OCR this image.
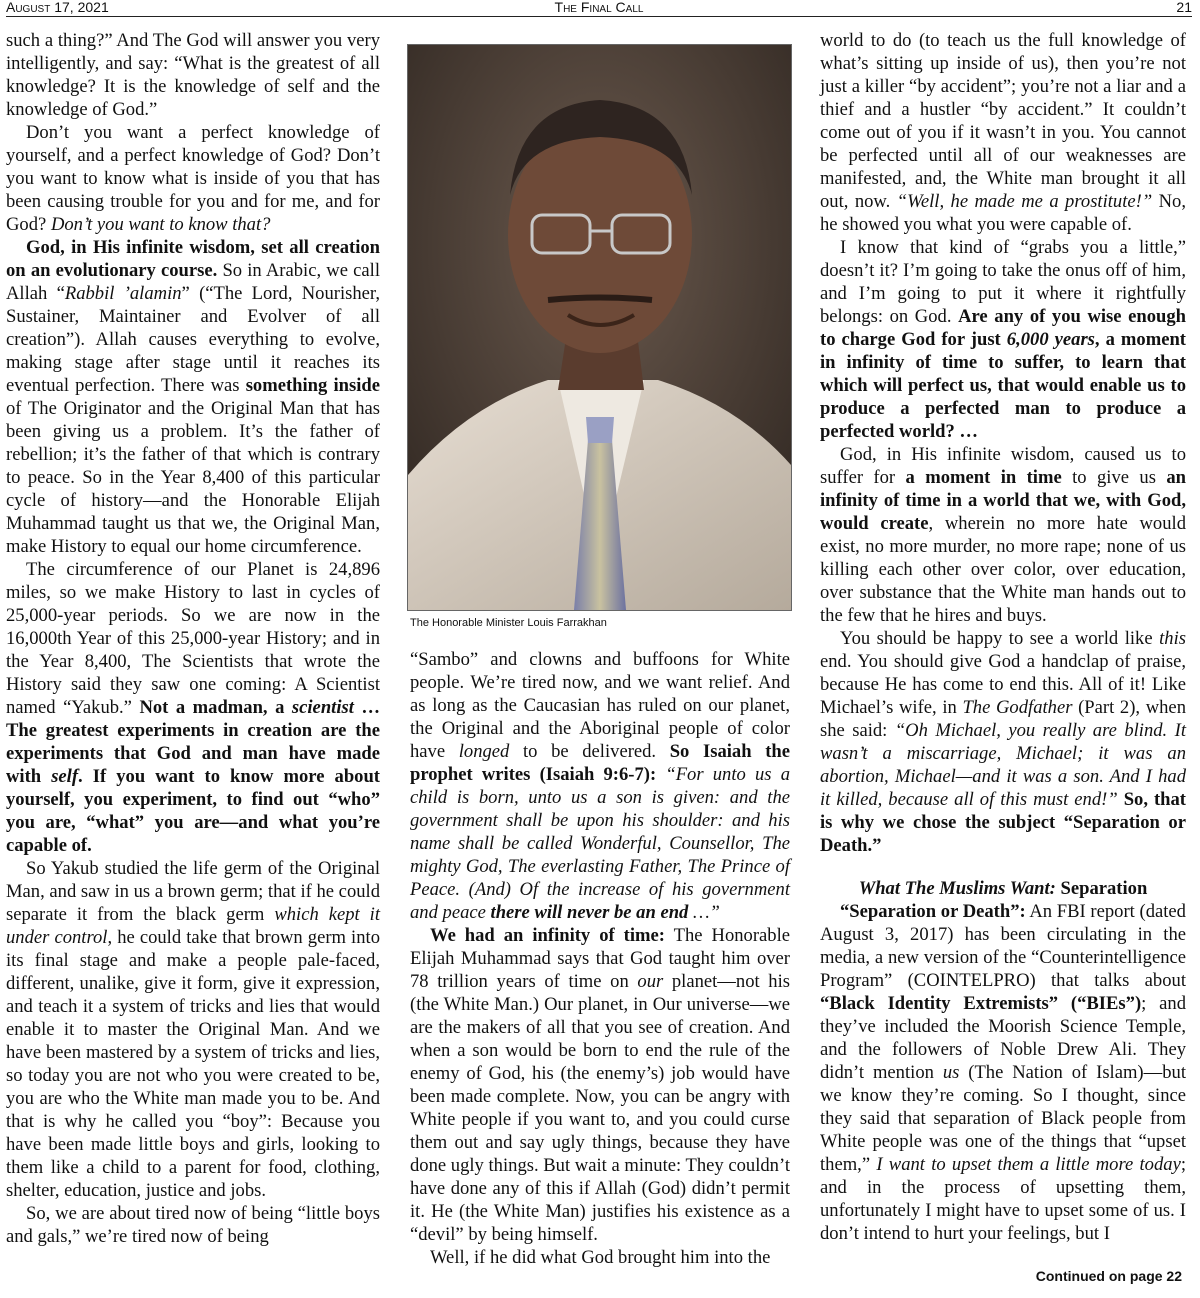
August 17, 2021	The Final Call	21

such a thing?” And The God will answer you very intelligently, and say: “What is the greatest of all knowledge? It is the knowledge of self and the knowledge of God.”

Don’t you want a perfect knowledge of yourself, and a perfect knowledge of God? Don’t you want to know what is inside of you that has been causing trouble for you and for me, and for God? Don’t you want to know that?

God, in His infinite wisdom, set all creation on an evolutionary course. So in Arabic, we call Allah “Rabbil ’alamin” (“The Lord, Nourisher, Sustainer, Maintainer and Evolver of all creation”). Allah causes everything to evolve, making stage after stage until it reaches its eventual perfection. There was something inside of The Originator and the Original Man that has been giving us a problem. It’s the father of rebellion; it’s the father of that which is contrary to peace. So in the Year 8,400 of this particular cycle of history—and the Honorable Elijah Muhammad taught us that we, the Original Man, make History to equal our home circumference.

The circumference of our Planet is 24,896 miles, so we make History to last in cycles of 25,000-year periods. So we are now in the 16,000th Year of this 25,000-year History; and in the Year 8,400, The Scientists that wrote the History said they saw one coming: A Scientist named “Yakub.” Not a madman, a scientist … The greatest experiments in creation are the experiments that God and man have made with self. If you want to know more about yourself, you experiment, to find out “who” you are, “what” you are—and what you’re capable of.

So Yakub studied the life germ of the Original Man, and saw in us a brown germ; that if he could separate it from the black germ which kept it under control, he could take that brown germ into its final stage and make a people pale-faced, different, unalike, give it form, give it expression, and teach it a system of tricks and lies that would enable it to master the Original Man. And we have been mastered by a system of tricks and lies, so today you are not who you were created to be, you are who the White man made you to be. And that is why he called you “boy”: Because you have been made little boys and girls, looking to them like a child to a parent for food, clothing, shelter, education, justice and jobs.

So, we are about tired now of being “little boys and gals,” we’re tired now of being

The Honorable Minister Louis Farrakhan

“Sambo” and clowns and buffoons for White people. We’re tired now, and we want relief. And as long as the Caucasian has ruled on our planet, the Original and the Aboriginal people of color have longed to be delivered. So Isaiah the prophet writes (Isaiah 9:6-7): “For unto us a child is born, unto us a son is given: and the government shall be upon his shoulder: and his name shall be called Wonderful, Counsellor, The mighty God, The everlasting Father, The Prince of Peace. (And) Of the increase of his government and peace there will never be an end …”

We had an infinity of time: The Honorable Elijah Muhammad says that God taught him over 78 trillion years of time on our planet—not his (the White Man.) Our planet, in Our universe—we are the makers of all that you see of creation. And when a son would be born to end the rule of the enemy of God, his (the enemy’s) job would have been made complete. Now, you can be angry with White people if you want to, and you could curse them out and say ugly things, because they have done ugly things. But wait a minute: They couldn’t have done any of this if Allah (God) didn’t permit it. He (the White Man) justifies his existence as a “devil” by being himself.

Well, if he did what God brought him into the

world to do (to teach us the full knowledge of what’s sitting up inside of us), then you’re not just a killer “by accident”; you’re not a liar and a thief and a hustler “by accident.” It couldn’t come out of you if it wasn’t in you. You cannot be perfected until all of our weaknesses are manifested, and, the White man brought it all out, now. “Well, he made me a prostitute!” No, he showed you what you were capable of.

I know that kind of “grabs you a little,” doesn’t it? I’m going to take the onus off of him, and I’m going to put it where it rightfully belongs: on God. Are any of you wise enough to charge God for just 6,000 years, a moment in infinity of time to suffer, to learn that which will perfect us, that would enable us to produce a perfected man to produce a perfected world? …

God, in His infinite wisdom, caused us to suffer for a moment in time to give us an infinity of time in a world that we, with God, would create, wherein no more hate would exist, no more murder, no more rape; none of us killing each other over color, over education, over substance that the White man hands out to the few that he hires and buys.

You should be happy to see a world like this end. You should give God a handclap of praise, because He has come to end this. All of it! Like Michael’s wife, in The Godfather (Part 2), when she said: “Oh Michael, you really are blind. It wasn’t a miscarriage, Michael; it was an abortion, Michael—and it was a son. And I had it killed, because all of this must end!” So, that is why we chose the subject “Separation or Death.”

What The Muslims Want: Separation

“Separation or Death”: An FBI report (dated August 3, 2017) has been circulating in the media, a new version of the “Counterintelligence Program” (COINTELPRO) that talks about “Black Identity Extremists” (“BIEs”); and they’ve included the Moorish Science Temple, and the followers of Noble Drew Ali. They didn’t mention us (The Nation of Islam)—but we know they’re coming. So I thought, since they said that separation of Black people from White people was one of the things that “upset them,” I want to upset them a little more today; and in the process of upsetting them, unfortunately I might have to upset some of us. I don’t intend to hurt your feelings, but I

Continued on page 22
